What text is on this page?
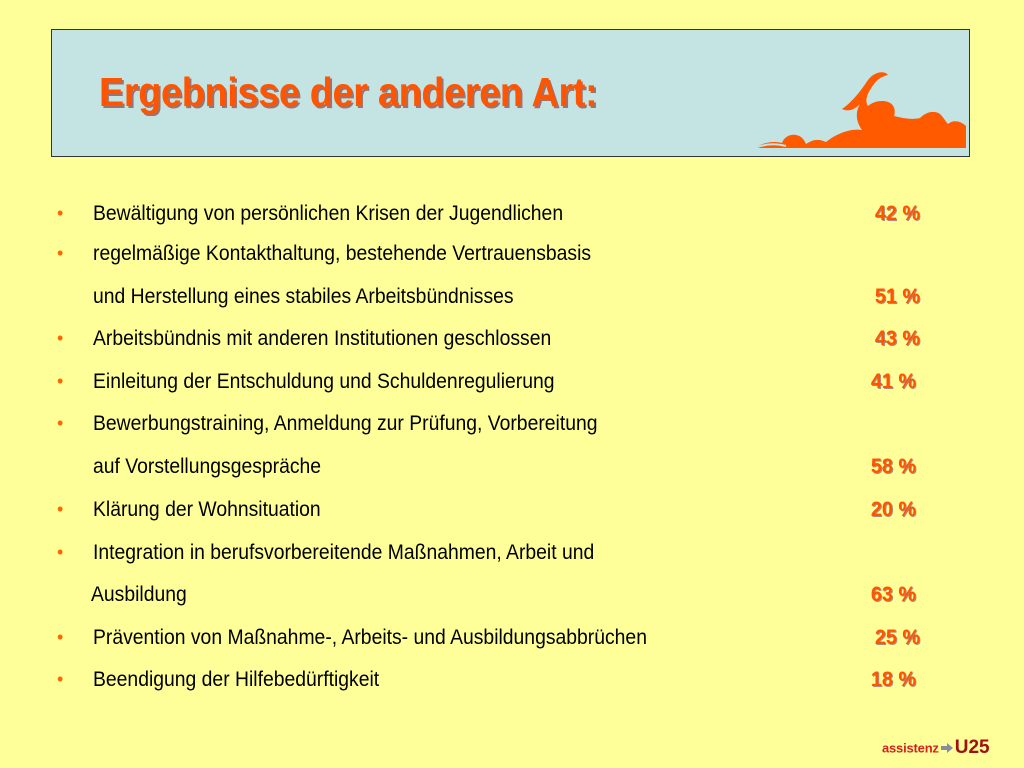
Ergebnisse der anderen Art:
• Bewältigung von persönlichen Krisen der Jugendlichen	42 %
• regelmäßige Kontakthaltung, bestehende Vertrauensbasis
und Herstellung eines stabiles Arbeitsbündnisses	51 %
• Arbeitsbündnis mit anderen Institutionen geschlossen	43 %
• Einleitung der Entschuldung und Schuldenregulierung	41 %
• Bewerbungstraining, Anmeldung zur Prüfung, Vorbereitung
auf Vorstellungsgespräche	58 %
• Klärung der Wohnsituation	20 %
• Integration in berufsvorbereitende Maßnahmen, Arbeit und
Ausbildung	63 %
• Prävention von Maßnahme-, Arbeits- und Ausbildungsabbrüchen	25 %
• Beendigung der Hilfebedürftigkeit	18 %
assistenz U25
